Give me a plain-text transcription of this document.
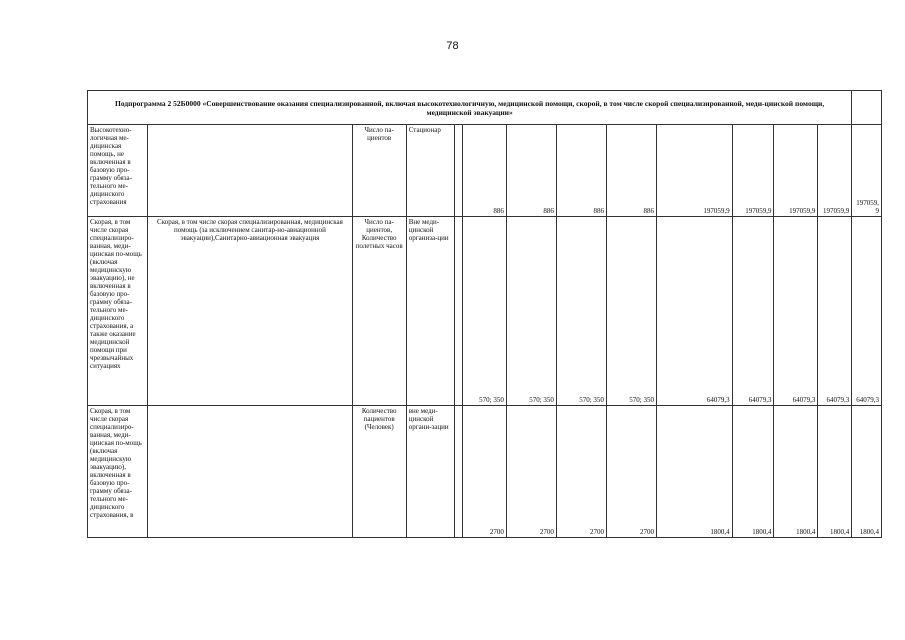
78
Подпрограмма 2 52Б0000 «Совершенствование оказания специализированной, включая высокотехнологичную, медицинской помощи, скорой, в том числе скорой специализированной, меди-цинской помощи, медицинской эвакуации»													
Высокотехно-логичная ме-дицинская помощь, не включенная в базовую про-грамму обяза-тельного ме-дицинского страхования		Число па-циентов	Стационар		886	886	886	886	197059,9	197059,9	197059,9	197059,9	197059,9
Скорая, в том числе скорая специализиро-ванная, меди-цинская по-мощь (включая медицинскую эвакуацию), не включенная в базовую про-грамму обяза-тельного ме-дицинского страхования, а также оказание медицинской помощи при чрезвычайных ситуациях	Скорая, в том числе скорая специализированная, медицинская помощь (за исключением санитар-но-авиационной эвакуации),Санитарно-авиационная эвакуация	Число па-циентов, Количество полетных часов	Вне меди-цинской организа-ции		570; 350	570; 350	570; 350	570; 350	64079,3	64079,3	64079,3	64079,3	64079,3
Скорая, в том числе скорая специализиро-ванная, меди-цинская по-мощь (включая медицинскую эвакуацию), включенная в базовую про-грамму обяза-тельного ме-дицинского страхования, в		Количество пациентов (Человек)	вне меди-цинской органи-зации		2700	2700	2700	2700	1800,4	1800,4	1800,4	1800,4	1800,4
